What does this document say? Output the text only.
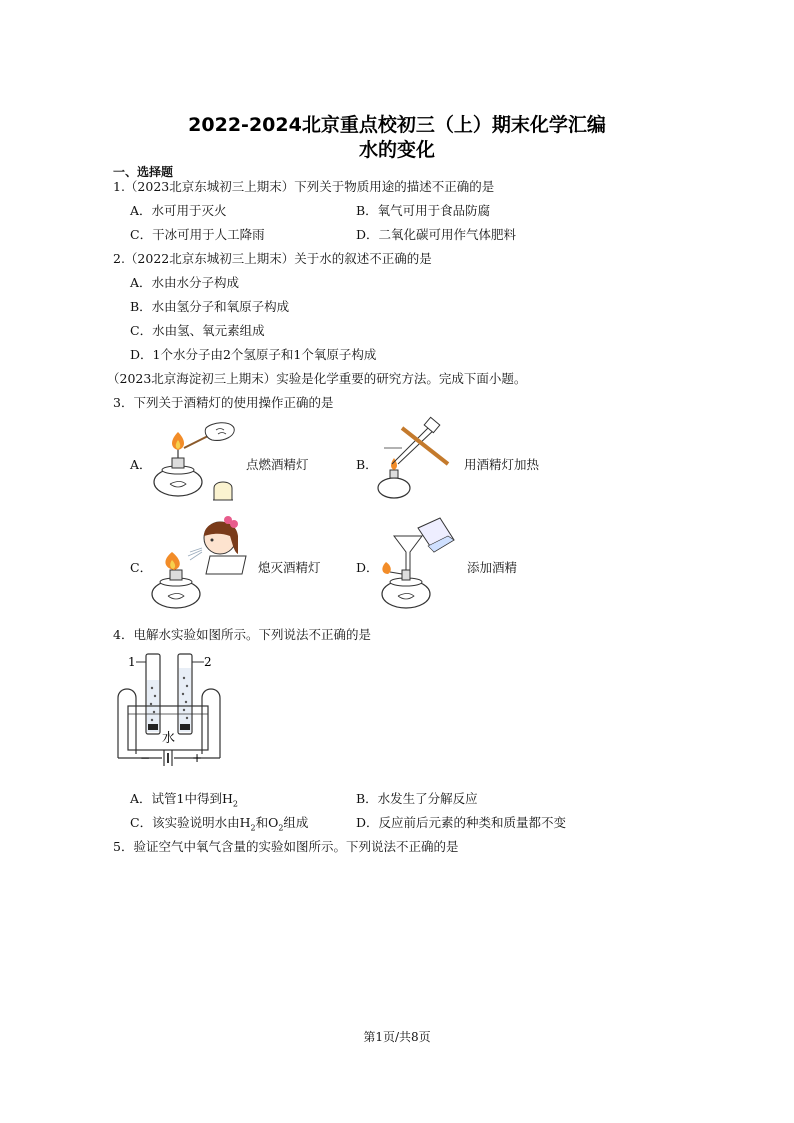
2022-2024北京重点校初三（上）期末化学汇编
水的变化
一、选择题
1.（2023北京东城初三上期末）下列关于物质用途的描述不正确的是
A．水可用于灭火	B．氧气可用于食品防腐
C．干冰可用于人工降雨	D．二氧化碳可用作气体肥料
2.（2022北京东城初三上期末）关于水的叙述不正确的是
A．水由水分子构成
B．水由氢分子和氧原子构成
C．水由氢、氧元素组成
D．1个水分子由2个氢原子和1个氧原子构成
（2023北京海淀初三上期末）实验是化学重要的研究方法。完成下面小题。
3．下列关于酒精灯的使用操作正确的是
A．	点燃酒精灯	B．	用酒精灯加热
C．	熄灭酒精灯	D．	添加酒精
4．电解水实验如图所示。下列说法不正确的是
1	2
水
−	+
A．试管1中得到$H_2$	B．水发生了分解反应
C．该实验说明水由$H_2$和$O_2$组成	D．反应前后元素的种类和质量都不变
5．验证空气中氧气含量的实验如图所示。下列说法不正确的是
第1页/共8页
